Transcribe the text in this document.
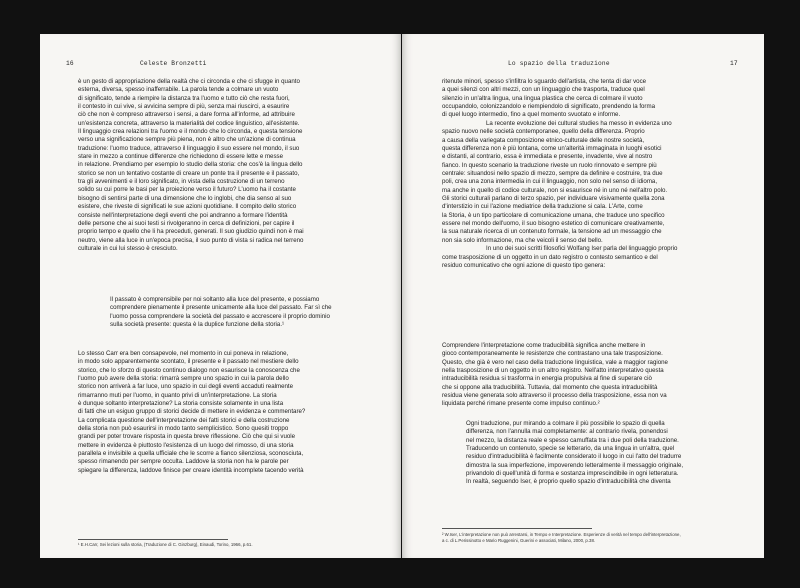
16	Celeste Bronzetti
è un gesto di appropriazione della realtà che ci circonda e che ci sfugge in quanto
esterna, diversa, spesso inafferrabile. La parola tende a colmare un vuoto
di significato, tende a riempire la distanza tra l'uomo e tutto ciò che resta fuori,
il contesto in cui vive, si avvicina sempre di più, senza mai riuscirci, a esaurire
ciò che non è compreso attraverso i sensi, a dare forma all'informe, ad attribuire
un'esistenza concreta, attraverso la materialità del codice linguistico, all'esistente.
Il linguaggio crea relazioni tra l'uomo e il mondo che lo circonda, e questa tensione
verso una significazione sempre più piena, non è altro che un'azione di continua
traduzione: l'uomo traduce, attraverso il linguaggio il suo essere nel mondo, il suo
stare in mezzo a continue differenze che richiedono di essere lette e messe
in relazione. Prendiamo per esempio lo studio della storia: che cos'è la lingua dello
storico se non un tentativo costante di creare un ponte tra il presente e il passato,
tra gli avvenimenti e il loro significato, in vista della costruzione di un terreno
solido su cui porre le basi per la proiezione verso il futuro? L'uomo ha il costante
bisogno di sentirsi parte di una dimensione che lo inglobi, che dia senso al suo
esistere, che riveste di significati le sue azioni quotidiane. Il compito dello storico
consiste nell'interpretazione degli eventi che poi andranno a formare l'identità
delle persone che ai suoi testi si rivolgeranno in cerca di definizioni, per capire il
proprio tempo e quello che li ha preceduti, generati. Il suo giudizio quindi non è mai
neutro, viene alla luce in un'epoca precisa, il suo punto di vista si radica nel terreno
culturale in cui lui stesso è cresciuto.
Il passato è comprensibile per noi soltanto alla luce del presente, e possiamo
comprendere pienamente il presente unicamente alla luce del passato. Far sì che
l'uomo possa comprendere la società del passato e accrescere il proprio dominio
sulla società presente: questa è la duplice funzione della storia.¹
Lo stesso Carr era ben consapevole, nel momento in cui poneva in relazione,
in modo solo apparentemente scontato, il presente e il passato nel mestiere dello
storico, che lo sforzo di questo continuo dialogo non esaurisce la conoscenza che
l'uomo può avere della storia: rimarrà sempre uno spazio in cui la parola dello
storico non arriverà a far luce, uno spazio in cui degli eventi accaduti realmente
rimarranno muti per l'uomo, in quanto privi di un'interpretazione. La storia
è dunque soltanto interpretazione? La storia consiste solamente in una lista
di fatti che un esiguo gruppo di storici decide di mettere in evidenza e commentare?
La complicata questione dell'interpretazione dei fatti storici e della costruzione
della storia non può esaurirsi in modo tanto semplicistico. Sono quesiti troppo
grandi per poter trovare risposta in questa breve riflessione. Ciò che qui si vuole
mettere in evidenza è piuttosto l'esistenza di un luogo del rimosso, di una storia
parallela e invisibile a quella ufficiale che le scorre a fianco silenziosa, sconosciuta,
spesso rimanendo per sempre occulta. Laddove la storia non ha le parole per
spiegare la differenza, laddove finisce per creare identità incomplete tacendo verità
¹ E.H.Carr, Sei lezioni sulla storia, (Traduzione di C. Ginzburg), Einaudi, Torino, 1966, p.61.
Lo spazio della traduzione	17
ritenute minori, spesso s'infiltra lo sguardo dell'artista, che tenta di dar voce
a quei silenzi con altri mezzi, con un linguaggio che trasporta, traduce quel
silenzio in un'altra lingua, una lingua plastica che cerca di colmare il vuoto
occupandolo, colonizzandolo e riempiendolo di significato, prendendo la forma
di quel luogo intermedio, fino a quel momento svuotato e informe.
La recente evoluzione dei cultural studies ha messo in evidenza uno
spazio nuovo nelle società contemporanee, quello della differenza. Proprio
a causa della variegata composizione etnico-culturale delle nostre società,
questa differenza non è più lontana, come un'alterità immaginata in luoghi esotici
e distanti, al contrario, essa è immediata e presente, invadente, vive al nostro
fianco. In questo scenario la traduzione riveste un ruolo rinnovato e sempre più
centrale: situandosi nello spazio di mezzo, sempre da definire e costruire, tra due
poli, crea una zona intermedia in cui il linguaggio, non solo nel senso di idioma,
ma anche in quello di codice culturale, non si esaurisce né in uno né nell'altro polo.
Gli storici culturali parlano di terzo spazio, per individuare visivamente quella zona
d'interstizio in cui l'azione mediatrice della traduzione si cala. L'Arte, come
la Storia, è un tipo particolare di comunicazione umana, che traduce uno specifico
essere nel mondo dell'uomo, il suo bisogno estetico di comunicare creativamente,
la sua naturale ricerca di un contenuto formale, la tensione ad un messaggio che
non sia solo informazione, ma che veicoli il senso del bello.
In uno dei suoi scritti filosofici Wolfang Iser parla del linguaggio proprio
come trasposizione di un oggetto in un dato registro o contesto semantico e del
residuo comunicativo che ogni azione di questo tipo genera:
Comprendere l'interpretazione come traducibilità significa anche mettere in
gioco contemporaneamente le resistenze che contrastano una tale trasposizione.
Questo, che già è vero nel caso della traduzione linguistica, vale a maggior ragione
nella trasposizione di un oggetto in un altro registro. Nell'atto interpretativo questa
intraducibilità residua si trasforma in energia propulsiva al fine di superare ciò
che si oppone alla traducibilità. Tuttavia, dal momento che questa intraducibilità
residua viene generata solo attraverso il processo della trasposizione, essa non va
liquidata perché rimane presente come impulso continuo.²
Ogni traduzione, pur mirando a colmare il più possibile lo spazio di quella
differenza, non l'annulla mai completamente: al contrario rivela, ponendosi
nel mezzo, la distanza reale e spesso camuffata tra i due poli della traduzione.
Traducendo un contenuto, specie se letterario, da una lingua in un'altra, quel
residuo d'intraducibilità è facilmente considerato il luogo in cui l'atto del tradurre
dimostra la sua imperfezione, impoverendo letteralmente il messaggio originale,
privandolo di quell'unità di forma e sostanza imprescindibile in ogni letteratura.
In realtà, seguendo Iser, è proprio quello spazio d'intraducibilità che diventa
² W.Iser, L'interpretazione non può arrestarsi, in Tempo e Interpretazione. Esperienze di verità nel tempo dell'interpretazione,
a c. di L.Perissinotto e Mario Ruggenini, Guerini e associati, Milano, 2000, p.38.
